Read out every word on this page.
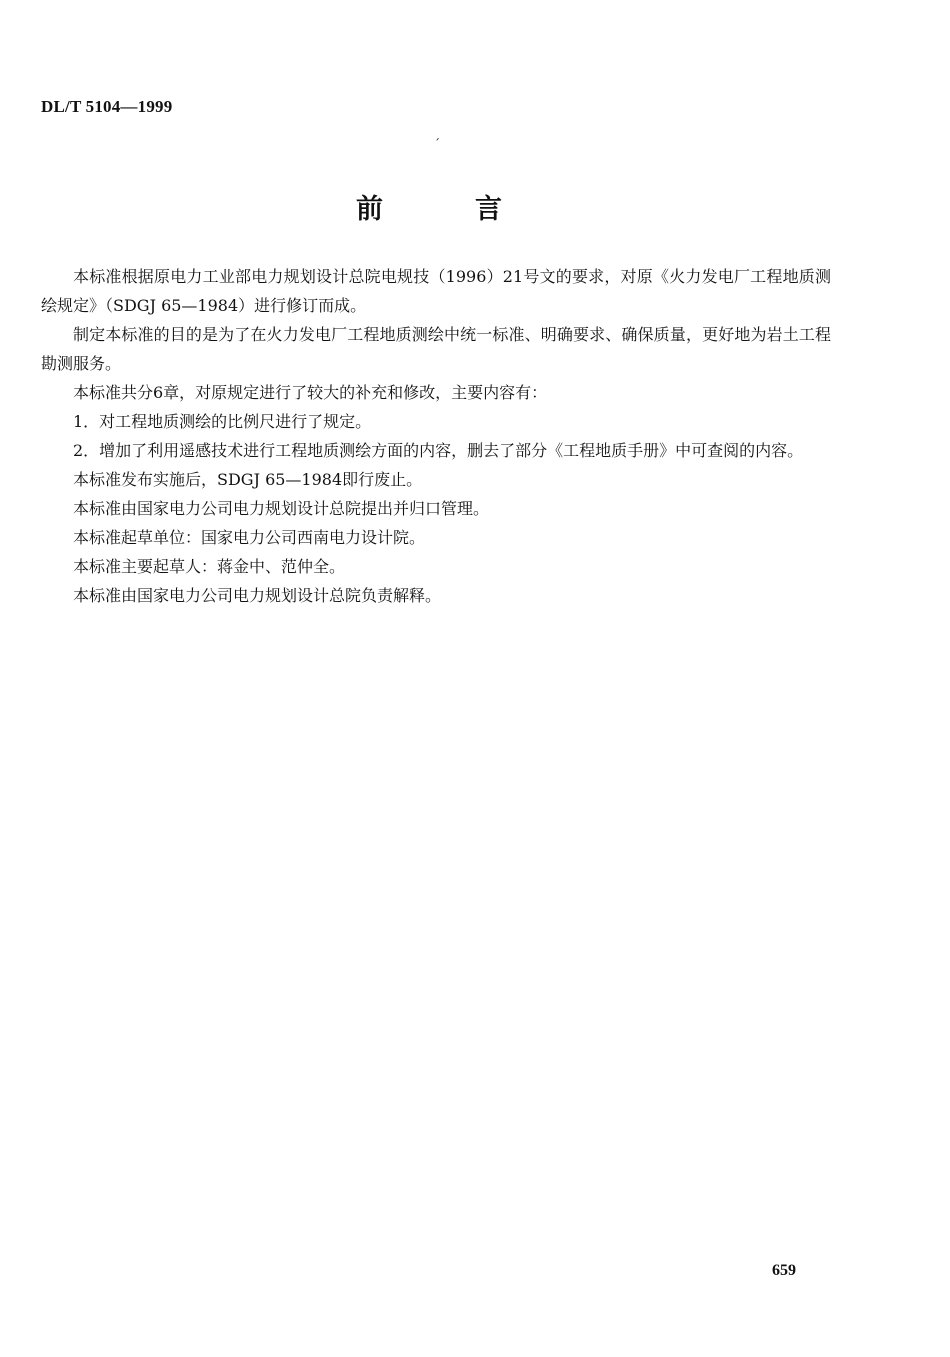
DL/T 5104—1999
ˊ
前	言

本标准根据原电力工业部电力规划设计总院电规技（1996）21号文的要求，对原《火力发电厂工程地质测绘规定》（SDGJ 65—1984）进行修订而成。

制定本标准的目的是为了在火力发电厂工程地质测绘中统一标准、明确要求、确保质量，更好地为岩土工程勘测服务。

本标准共分6章，对原规定进行了较大的补充和修改，主要内容有：

1．对工程地质测绘的比例尺进行了规定。

2．增加了利用遥感技术进行工程地质测绘方面的内容，删去了部分《工程地质手册》中可查阅的内容。

本标准发布实施后，SDGJ 65—1984即行废止。

本标准由国家电力公司电力规划设计总院提出并归口管理。

本标准起草单位：国家电力公司西南电力设计院。

本标准主要起草人：蒋金中、范仲全。

本标准由国家电力公司电力规划设计总院负责解释。

659
